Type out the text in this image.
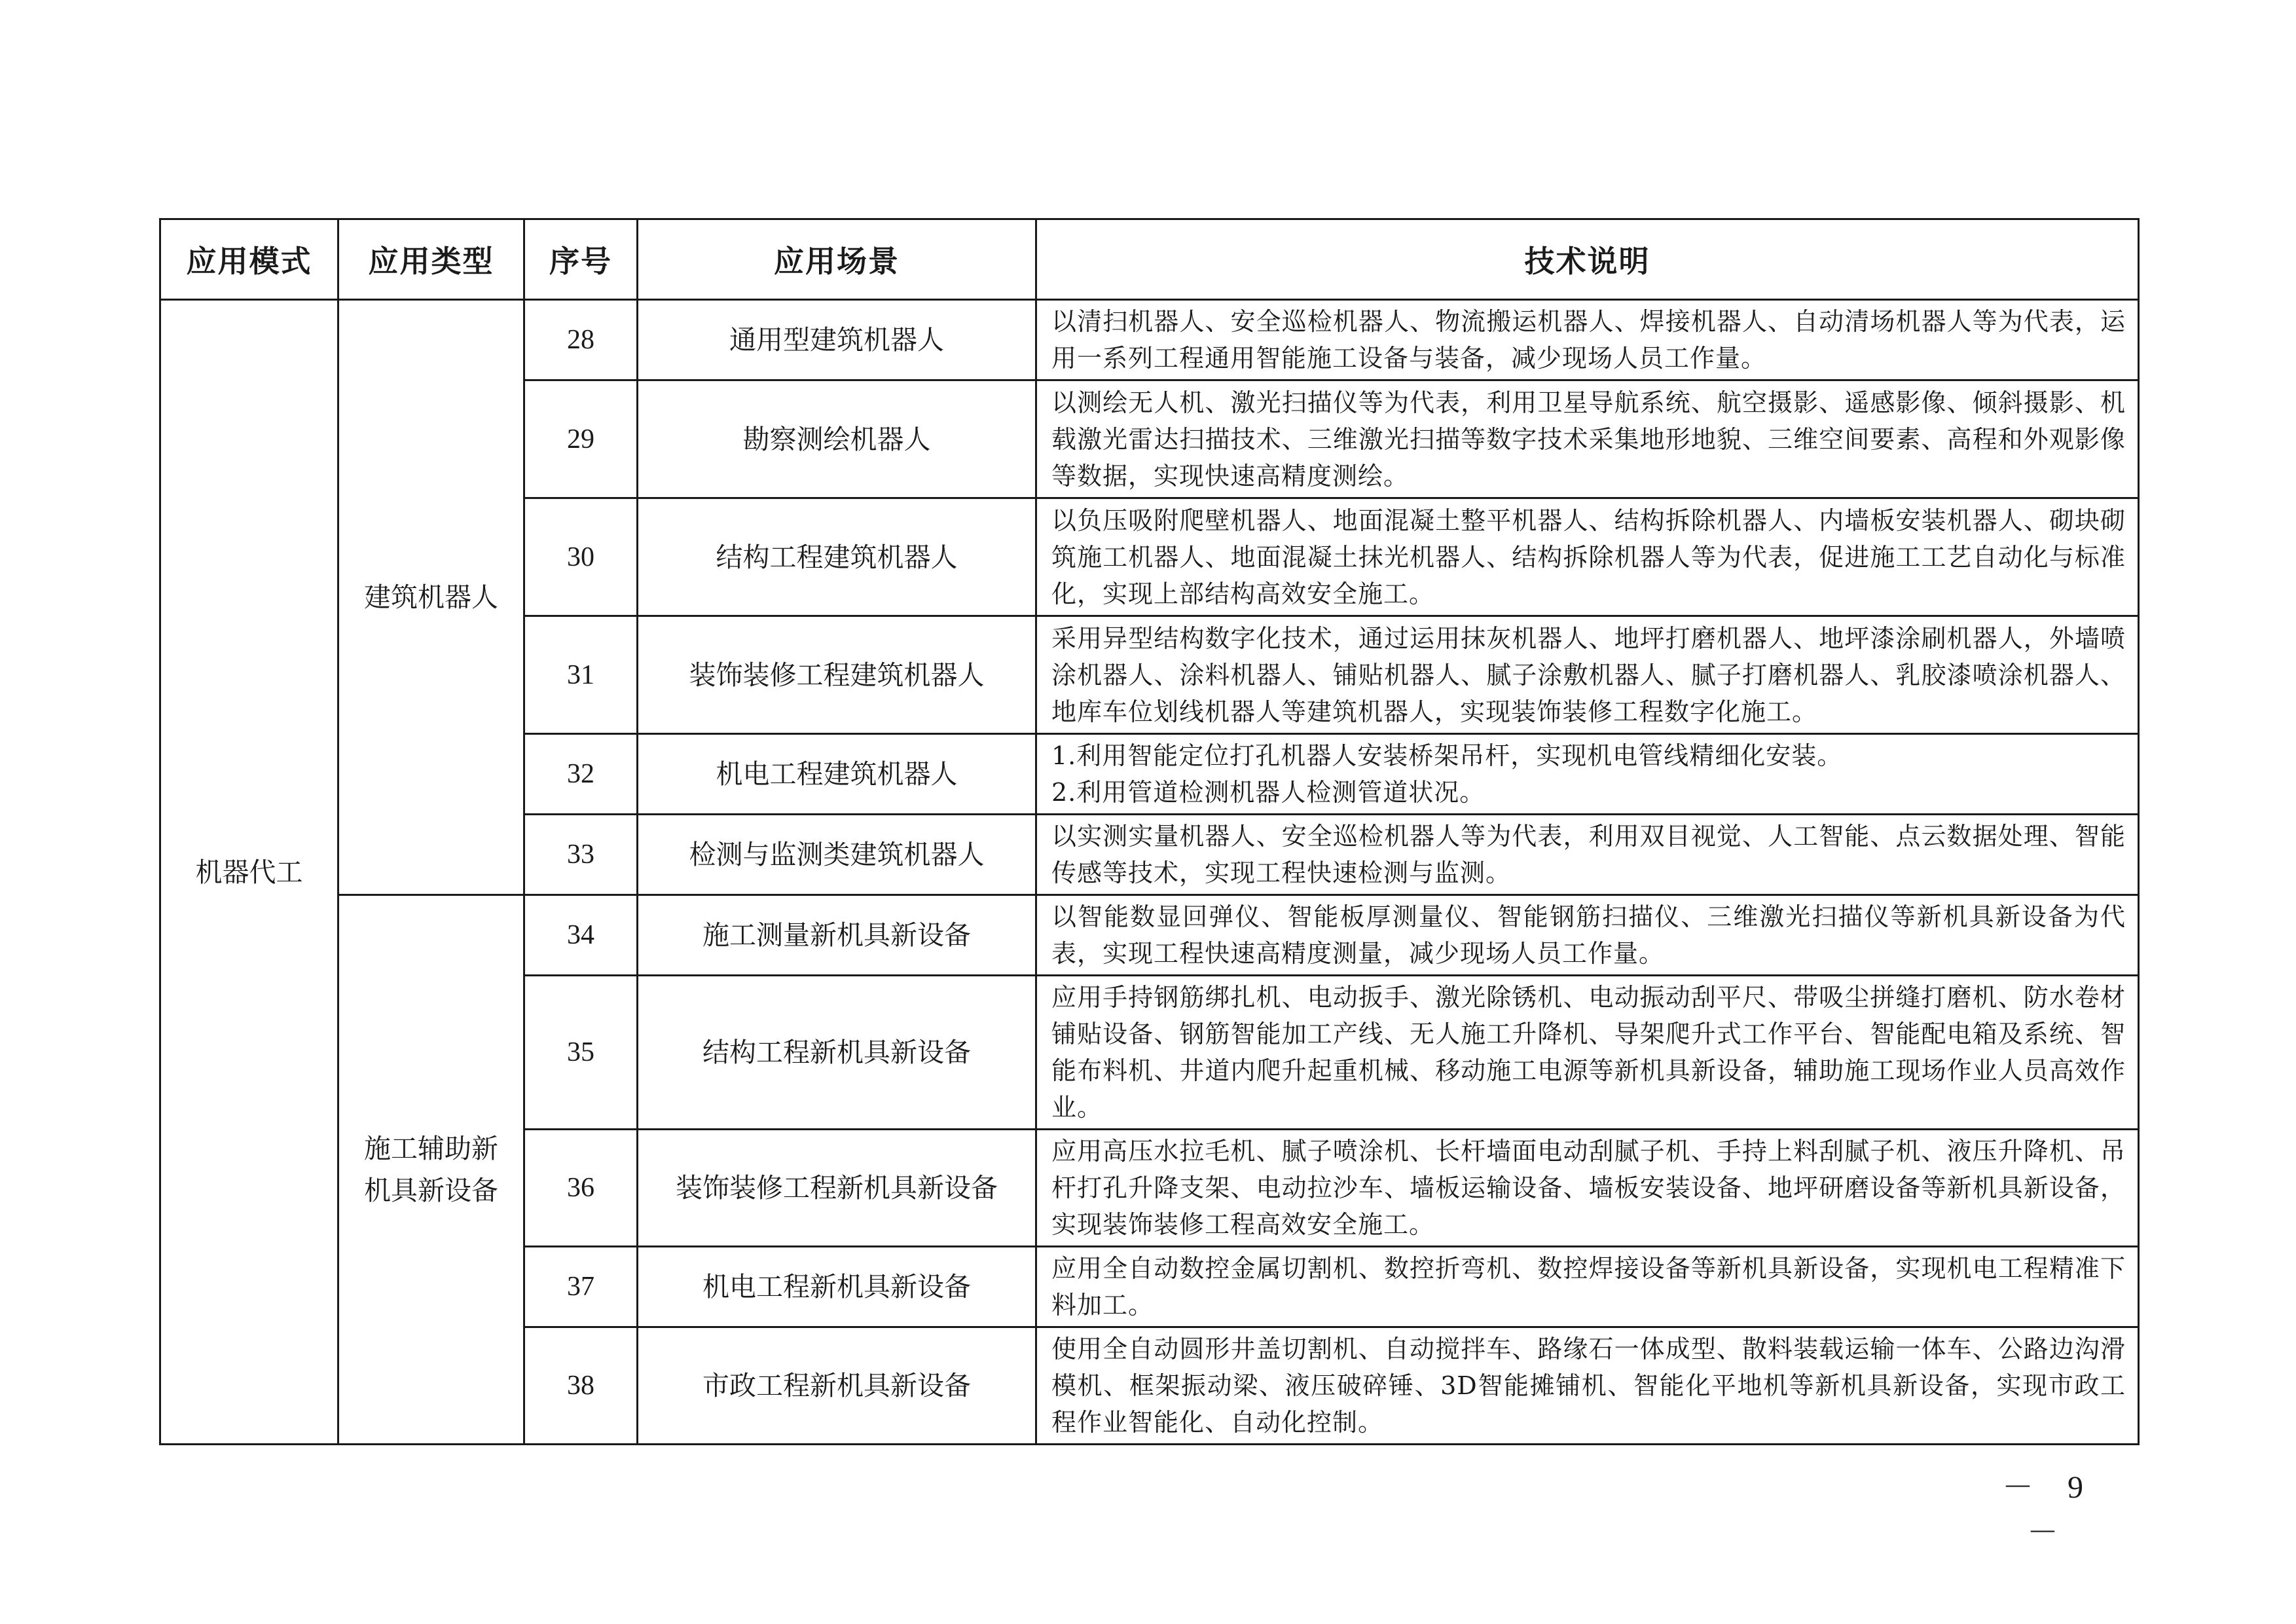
应用模式	应用类型	序号	应用场景	技术说明
机器代工	建筑机器人	28	通用型建筑机器人	以清扫机器人、安全巡检机器人、物流搬运机器人、焊接机器人、自动清场机器人等为代表，运用一系列工程通用智能施工设备与装备，减少现场人员工作量。
		29	勘察测绘机器人	以测绘无人机、激光扫描仪等为代表，利用卫星导航系统、航空摄影、遥感影像、倾斜摄影、机载激光雷达扫描技术、三维激光扫描等数字技术采集地形地貌、三维空间要素、高程和外观影像等数据，实现快速高精度测绘。
		30	结构工程建筑机器人	以负压吸附爬壁机器人、地面混凝土整平机器人、结构拆除机器人、内墙板安装机器人、砌块砌筑施工机器人、地面混凝土抹光机器人、结构拆除机器人等为代表，促进施工工艺自动化与标准化，实现上部结构高效安全施工。
		31	装饰装修工程建筑机器人	采用异型结构数字化技术，通过运用抹灰机器人、地坪打磨机器人、地坪漆涂刷机器人，外墙喷涂机器人、涂料机器人、铺贴机器人、腻子涂敷机器人、腻子打磨机器人、乳胶漆喷涂机器人、地库车位划线机器人等建筑机器人，实现装饰装修工程数字化施工。
		32	机电工程建筑机器人	1.利用智能定位打孔机器人安装桥架吊杆，实现机电管线精细化安装。
2.利用管道检测机器人检测管道状况。

		33	检测与监测类建筑机器人	以实测实量机器人、安全巡检机器人等为代表，利用双目视觉、人工智能、点云数据处理、智能传感等技术，实现工程快速检测与监测。
	施工辅助新机具新设备	34	施工测量新机具新设备	以智能数显回弹仪、智能板厚测量仪、智能钢筋扫描仪、三维激光扫描仪等新机具新设备为代表，实现工程快速高精度测量，减少现场人员工作量。
		35	结构工程新机具新设备	应用手持钢筋绑扎机、电动扳手、激光除锈机、电动振动刮平尺、带吸尘拼缝打磨机、防水卷材铺贴设备、钢筋智能加工产线、无人施工升降机、导架爬升式工作平台、智能配电箱及系统、智能布料机、井道内爬升起重机械、移动施工电源等新机具新设备，辅助施工现场作业人员高效作业。
		36	装饰装修工程新机具新设备	应用高压水拉毛机、腻子喷涂机、长杆墙面电动刮腻子机、手持上料刮腻子机、液压升降机、吊杆打孔升降支架、电动拉沙车、墙板运输设备、墙板安装设备、地坪研磨设备等新机具新设备，实现装饰装修工程高效安全施工。
		37	机电工程新机具新设备	应用全自动数控金属切割机、数控折弯机、数控焊接设备等新机具新设备，实现机电工程精准下料加工。
		38	市政工程新机具新设备	使用全自动圆形井盖切割机、自动搅拌车、路缘石一体成型、散料装载运输一体车、公路边沟滑模机、框架振动梁、液压破碎锤、3D智能摊铺机、智能化平地机等新机具新设备，实现市政工程作业智能化、自动化控制。
－ 9 －
